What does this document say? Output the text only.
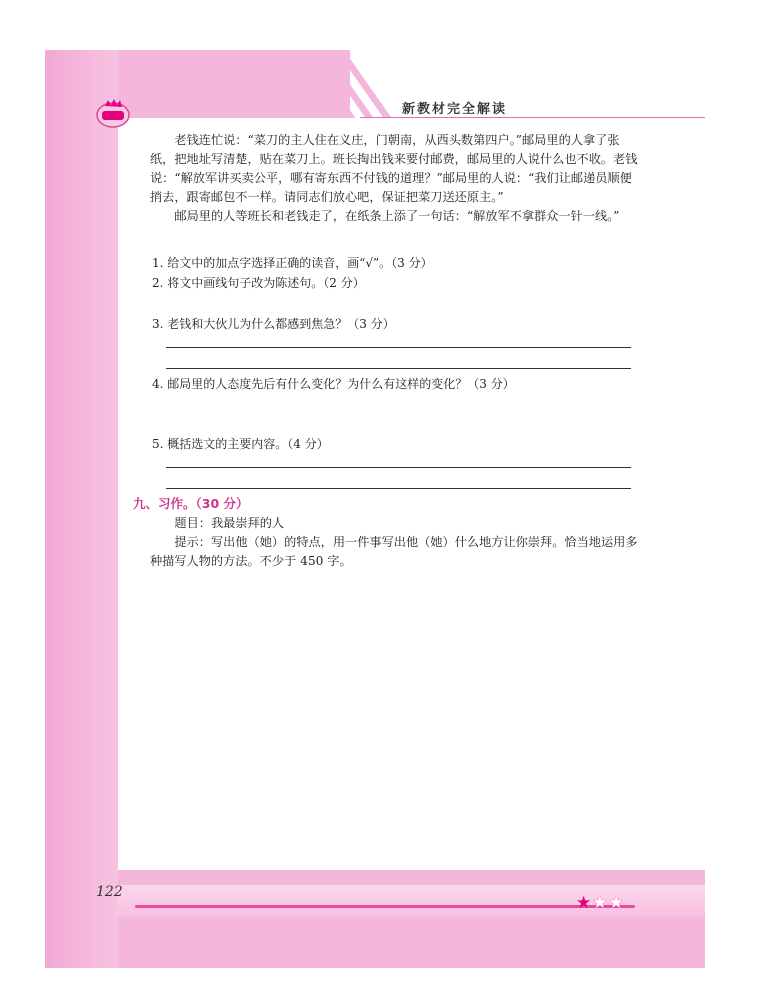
新教材完全解读

老钱连忙说：“菜刀的主人住在义庄，门朝南，从西头数第四户。”邮局里的人拿了张纸，把地址写清楚，贴在菜刀上。班长掏出钱来要付邮费，邮局里的人说什么也不收。老钱说：“解放军讲买卖公平，哪有寄东西不付钱的道理？”邮局里的人说：“我们让邮递员顺便捎去，跟寄邮包不一样。请同志们放心吧，保证把菜刀送还原主。”

邮局里的人等班长和老钱走了，在纸条上添了一句话：“解放军不拿群众一针一线。”

1. 给文中的加点字选择正确的读音，画“√”。（3 分）
2. 将文中画线句子改为陈述句。（2 分）
3. 老钱和大伙儿为什么都感到焦急？（3 分）
4. 邮局里的人态度先后有什么变化？为什么有这样的变化？（3 分）
5. 概括选文的主要内容。（4 分）
九、习作。（30 分）

题目：我最崇拜的人

提示：写出他（她）的特点，用一件事写出他（她）什么地方让你崇拜。恰当地运用多种描写人物的方法。不少于 450 字。

122
★★★
